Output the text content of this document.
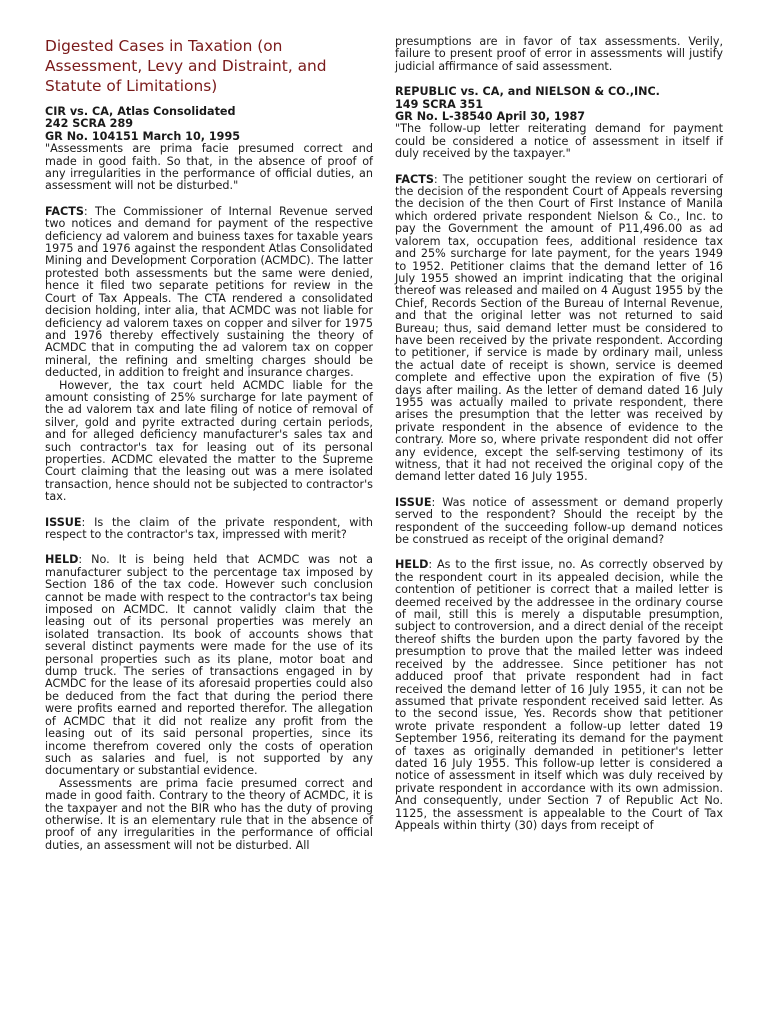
Digested Cases in Taxation (on Assessment, Levy and Distraint, and Statute of Limitations)
CIR vs. CA, Atlas Consolidated
242 SCRA 289
GR No. 104151 March 10, 1995

"Assessments are prima facie presumed correct and made in good faith. So that, in the absence of proof of any irregularities in the performance of official duties, an assessment will not be disturbed."

FACTS: The Commissioner of Internal Revenue served two notices and demand for payment of the respective deficiency ad valorem and buiness taxes for taxable years 1975 and 1976 against the respondent Atlas Consolidated Mining and Development Corporation (ACMDC). The latter protested both assessments but the same were denied, hence it filed two separate petitions for review in the Court of Tax Appeals. The CTA rendered a consolidated decision holding, inter alia, that ACMDC was not liable for deficiency ad valorem taxes on copper and silver for 1975 and 1976 thereby effectively sustaining the theory of ACMDC that in computing the ad valorem tax on copper mineral, the refining and smelting charges should be deducted, in addition to freight and insurance charges.

However, the tax court held ACMDC liable for the amount consisting of 25% surcharge for late payment of the ad valorem tax and late filing of notice of removal of silver, gold and pyrite extracted during certain periods, and for alleged deficiency manufacturer's sales tax and such contractor's tax for leasing out of its personal properties. ACDMC elevated the matter to the Supreme Court claiming that the leasing out was a mere isolated transaction, hence should not be subjected to contractor's tax.

ISSUE: Is the claim of the private respondent, with respect to the contractor's tax, impressed with merit?

HELD: No. It is being held that ACMDC was not a manufacturer subject to the percentage tax imposed by Section 186 of the tax code. However such conclusion cannot be made with respect to the contractor's tax being imposed on ACMDC. It cannot validly claim that the leasing out of its personal properties was merely an isolated transaction. Its book of accounts shows that several distinct payments were made for the use of its personal properties such as its plane, motor boat and dump truck. The series of transactions engaged in by ACMDC for the lease of its aforesaid properties could also be deduced from the fact that during the period there were profits earned and reported therefor. The allegation of ACMDC that it did not realize any profit from the leasing out of its said personal properties, since its income therefrom covered only the costs of operation such as salaries and fuel, is not supported by any documentary or substantial evidence.

Assessments are prima facie presumed correct and made in good faith. Contrary to the theory of ACMDC, it is the taxpayer and not the BIR who has the duty of proving otherwise. It is an elementary rule that in the absence of proof of any irregularities in the performance of official duties, an assessment will not be disturbed. All

presumptions are in favor of tax assessments. Verily, failure to present proof of error in assessments will justify judicial affirmance of said assessment.

REPUBLIC vs. CA, and NIELSON & CO.,INC.
149 SCRA 351
GR No. L-38540 April 30, 1987

"The follow-up letter reiterating demand for payment could be considered a notice of assessment in itself if duly received by the taxpayer."

FACTS: The petitioner sought the review on certiorari of the decision of the respondent Court of Appeals reversing the decision of the then Court of First Instance of Manila which ordered private respondent Nielson & Co., Inc. to pay the Government the amount of P11,496.00 as ad valorem tax, occupation fees, additional residence tax and 25% surcharge for late payment, for the years 1949 to 1952. Petitioner claims that the demand letter of 16 July 1955 showed an imprint indicating that the original thereof was released and mailed on 4 August 1955 by the Chief, Records Section of the Bureau of Internal Revenue, and that the original letter was not returned to said Bureau; thus, said demand letter must be considered to have been received by the private respondent. According to petitioner, if service is made by ordinary mail, unless the actual date of receipt is shown, service is deemed complete and effective upon the expiration of five (5) days after mailing. As the letter of demand dated 16 July 1955 was actually mailed to private respondent, there arises the presumption that the letter was received by private respondent in the absence of evidence to the contrary. More so, where private respondent did not offer any evidence, except the self-serving testimony of its witness, that it had not received the original copy of the demand letter dated 16 July 1955.

ISSUE: Was notice of assessment or demand properly served to the respondent? Should the receipt by the respondent of the succeeding follow-up demand notices be construed as receipt of the original demand?

HELD: As to the first issue, no. As correctly observed by the respondent court in its appealed decision, while the contention of petitioner is correct that a mailed letter is deemed received by the addressee in the ordinary course of mail, still this is merely a disputable presumption, subject to controversion, and a direct denial of the receipt thereof shifts the burden upon the party favored by the presumption to prove that the mailed letter was indeed received by the addressee. Since petitioner has not adduced proof that private respondent had in fact received the demand letter of 16 July 1955, it can not be assumed that private respondent received said letter. As to the second issue, Yes. Records show that petitioner wrote private respondent a follow-up letter dated 19 September 1956, reiterating its demand for the payment of taxes as originally demanded in petitioner's letter dated 16 July 1955. This follow-up letter is considered a notice of assessment in itself which was duly received by private respondent in accordance with its own admission. And consequently, under Section 7 of Republic Act No. 1125, the assessment is appealable to the Court of Tax Appeals within thirty (30) days from receipt of
